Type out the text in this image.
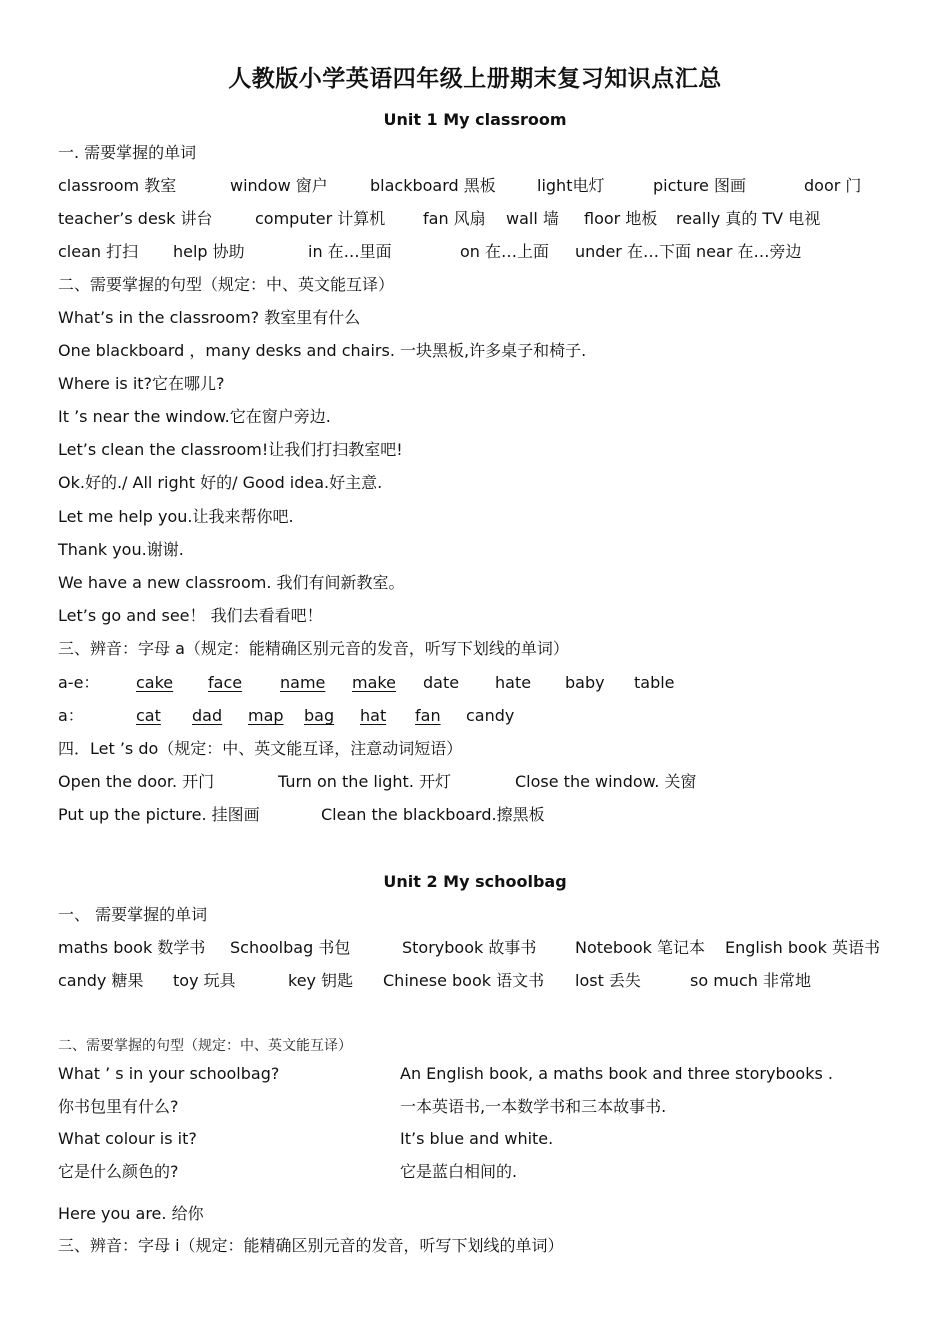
人教版小学英语四年级上册期末复习知识点汇总
Unit 1 My classroom
一. 需要掌握的单词
classroom 教室	window 窗户	blackboard 黑板	light电灯	picture 图画	door 门
teacher’s desk 讲台	computer 计算机 fan 风扇 wall 墙 floor 地板 really 真的 TV 电视
clean 打扫 help 协助	in 在…里面	on 在…上面 under 在…下面 near 在…旁边
二、需要掌握的句型（规定：中、英文能互译）
What’s in the classroom? 教室里有什么
One blackboard ，many desks and chairs. 一块黑板,许多桌子和椅子.
Where is it?它在哪儿?
It ’s near the window.它在窗户旁边.
Let’s clean the classroom!让我们打扫教室吧!
Ok.好的./ All right 好的/ Good idea.好主意.
Let me help you.让我来帮你吧.
Thank you.谢谢.
We have a new classroom. 我们有间新教室。
Let’s go and see！ 我们去看看吧！
三、辨音：字母 a（规定：能精确区别元音的发音，听写下划线的单词）
a-e： cake face name make date hate baby table
a：	cat dad map bag hat fan candy
四．Let ’s do（规定：中、英文能互译，注意动词短语）
Open the door. 开门	Turn on the light. 开灯	Close the window. 关窗
Put up the picture. 挂图画	Clean the blackboard.擦黑板
Unit 2 My schoolbag
一、 需要掌握的单词
maths book 数学书 Schoolbag 书包	Storybook 故事书 Notebook 笔记本 English book 英语书
candy 糖果 toy 玩具	key 钥匙 Chinese book 语文书 lost 丢失	so much 非常地
二、需要掌握的句型（规定：中、英文能互译）
What ’ s in your schoolbag?	An English book, a maths book and three storybooks .
你书包里有什么?	一本英语书,一本数学书和三本故事书.
What colour is it?	It’s blue and white.
它是什么颜色的?	它是蓝白相间的.
Here you are. 给你
三、辨音：字母 i（规定：能精确区别元音的发音，听写下划线的单词）
